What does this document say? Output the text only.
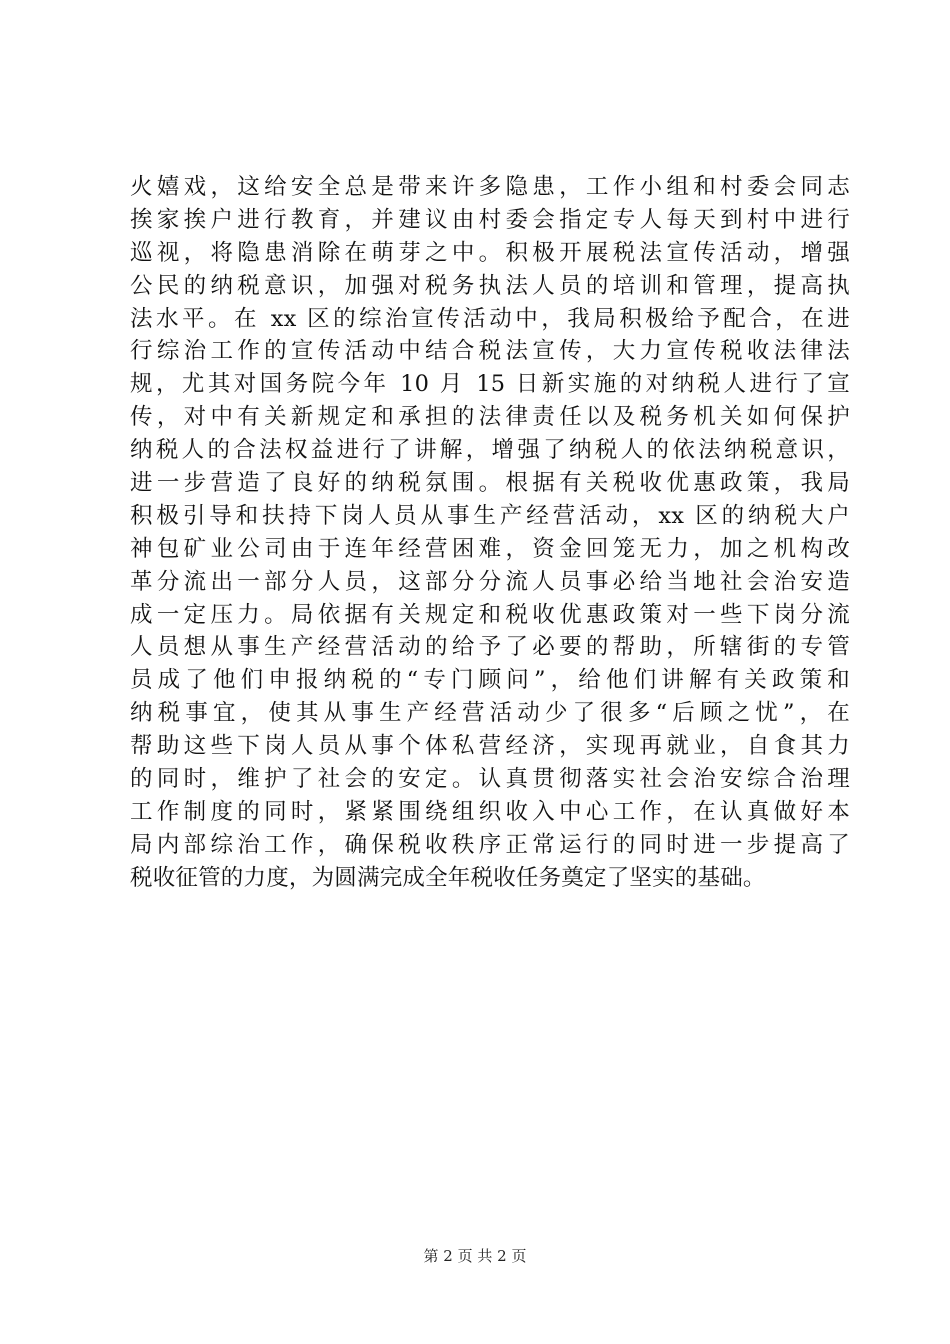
火嬉戏，这给安全总是带来许多隐患，工作小组和村委会同志
挨家挨户进行教育，并建议由村委会指定专人每天到村中进行
巡视，将隐患消除在萌芽之中。积极开展税法宣传活动，增强
公民的纳税意识，加强对税务执法人员的培训和管理，提高执
法水平。在 xx 区的综治宣传活动中，我局积极给予配合，在进
行综治工作的宣传活动中结合税法宣传，大力宣传税收法律法
规，尤其对国务院今年 10 月 15 日新实施的对纳税人进行了宣
传，对中有关新规定和承担的法律责任以及税务机关如何保护
纳税人的合法权益进行了讲解，增强了纳税人的依法纳税意识，
进一步营造了良好的纳税氛围。根据有关税收优惠政策，我局
积极引导和扶持下岗人员从事生产经营活动，xx 区的纳税大户
神包矿业公司由于连年经营困难，资金回笼无力，加之机构改
革分流出一部分人员，这部分分流人员事必给当地社会治安造
成一定压力。局依据有关规定和税收优惠政策对一些下岗分流
人员想从事生产经营活动的给予了必要的帮助，所辖街的专管
员成了他们申报纳税的“专门顾问”，给他们讲解有关政策和
纳税事宜，使其从事生产经营活动少了很多“后顾之忧”，在
帮助这些下岗人员从事个体私营经济，实现再就业，自食其力
的同时，维护了社会的安定。认真贯彻落实社会治安综合治理
工作制度的同时，紧紧围绕组织收入中心工作，在认真做好本
局内部综治工作，确保税收秩序正常运行的同时进一步提高了
税收征管的力度，为圆满完成全年税收任务奠定了坚实的基础。
第 2 页 共 2 页
